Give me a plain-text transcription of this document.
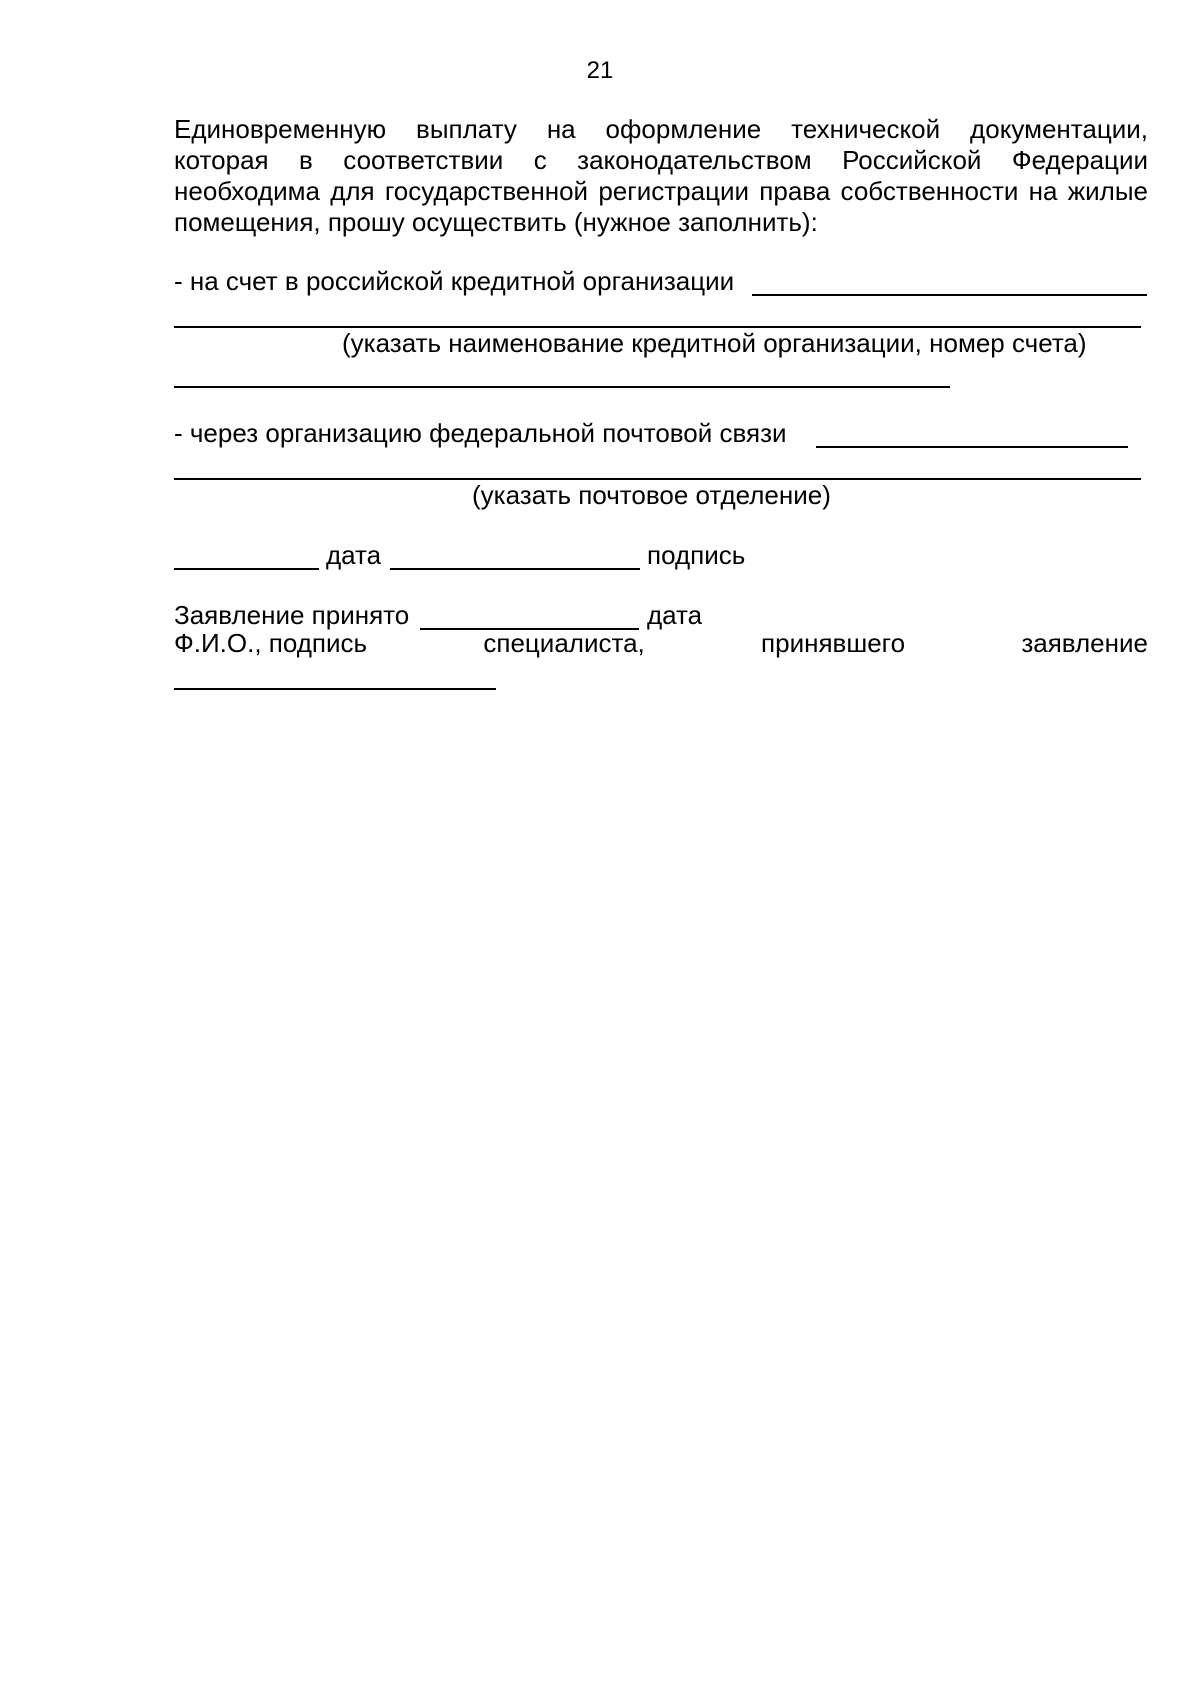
21
Единовременную выплату на оформление технической документации,
которая в соответствии с законодательством Российской Федерации
необходима для государственной регистрации права собственности на жилые
помещения, прошу осуществить (нужное заполнить):
- на счет в российской кредитной организации
(указать наименование кредитной организации, номер счета)
- через организацию федеральной почтовой связи
(указать почтовое отделение)
дата	подпись
Заявление принято	дата
Ф.И.О., подпись	специалиста,	принявшего	заявление
